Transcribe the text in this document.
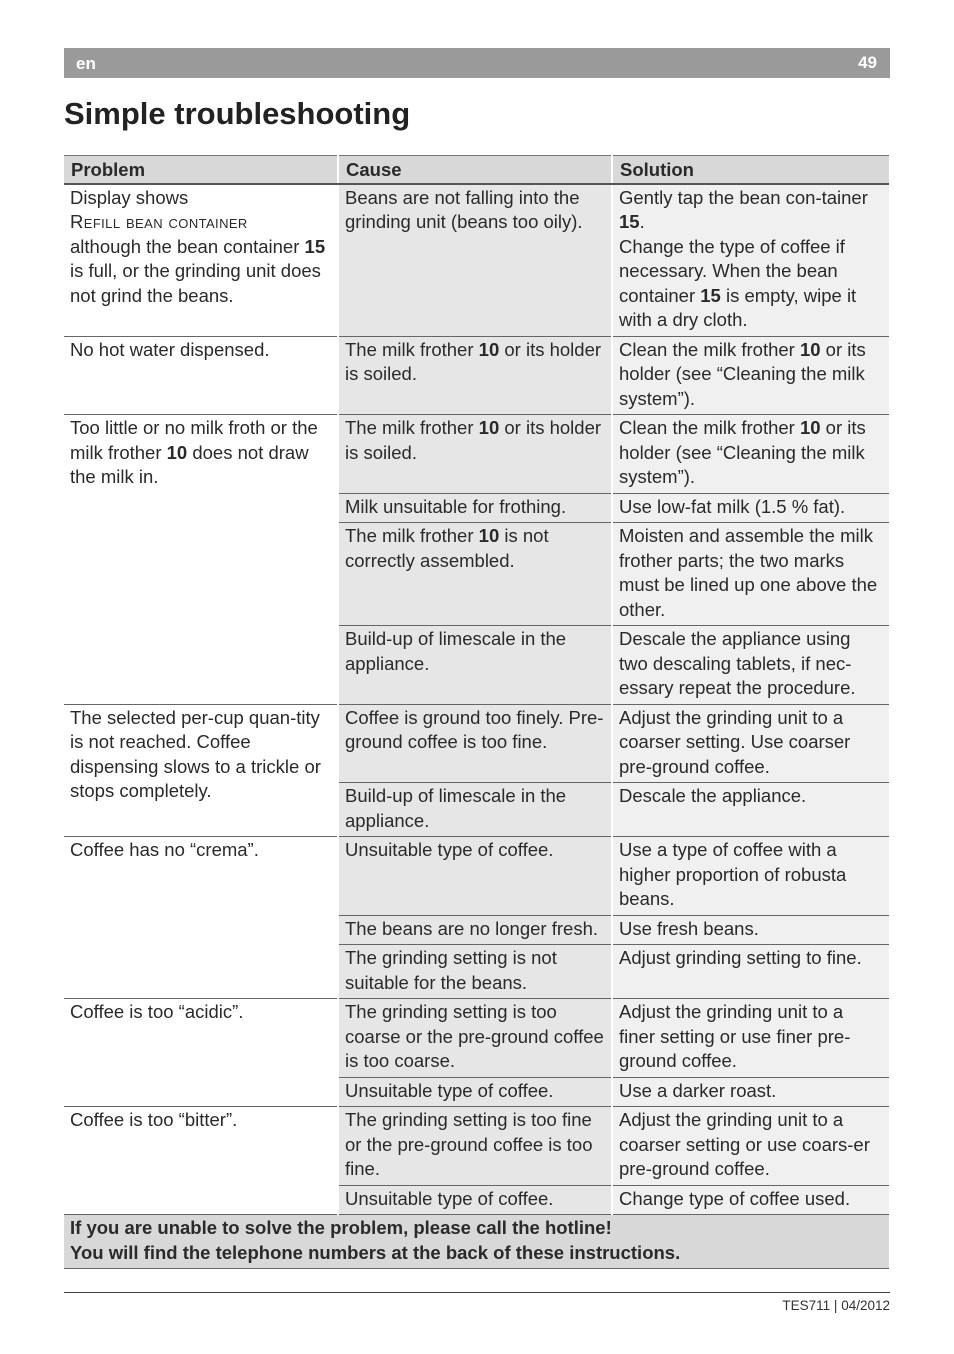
en	49
Simple troubleshooting
Problem	Cause	Solution

Display shows
Refill bean container
although the bean container 15 is full, or the grinding unit does not grind the beans.	Beans are not falling into the grinding unit (beans too oily).	Gently tap the bean con-tainer 15.
Change the type of coffee if necessary. When the bean container 15 is empty, wipe it with a dry cloth.

No hot water dispensed.	The milk frother 10 or its holder is soiled.	Clean the milk frother 10 or its holder (see “Cleaning the milk system”).
Too little or no milk froth or the milk frother 10 does not draw the milk in.	The milk frother 10 or its holder is soiled.	Clean the milk frother 10 or its holder (see “Cleaning the milk system”).
	Milk unsuitable for frothing.	Use low-fat milk (1.5 % fat).
	The milk frother 10 is not correctly assembled.	Moisten and assemble the milk frother parts; the two marks must be lined up one above the other.
	Build-up of limescale in the appliance.	Descale the appliance using two descaling tablets, if nec-essary repeat the procedure.
The selected per-cup quan-tity is not reached. Coffee dispensing slows to a trickle or stops completely.	Coffee is ground too finely. Pre-ground coffee is too fine.	Adjust the grinding unit to a coarser setting. Use coarser pre-ground coffee.
	Build-up of limescale in the appliance.	Descale the appliance.
Coffee has no “crema”.	Unsuitable type of coffee.	Use a type of coffee with a higher proportion of robusta beans.
	The beans are no longer fresh.	Use fresh beans.
	The grinding setting is not suitable for the beans.	Adjust grinding setting to fine.
Coffee is too “acidic”.	The grinding setting is too coarse or the pre-ground coffee is too coarse.	Adjust the grinding unit to a finer setting or use finer pre-ground coffee.
	Unsuitable type of coffee.	Use a darker roast.
Coffee is too “bitter”.	The grinding setting is too fine or the pre-ground coffee is too fine.	Adjust the grinding unit to a coarser setting or use coars-er pre-ground coffee.
	Unsuitable type of coffee.	Change type of coffee used.

If you are unable to solve the problem, please call the hotline!
You will find the telephone numbers at the back of these instructions.		
TES711 | 04/2012
